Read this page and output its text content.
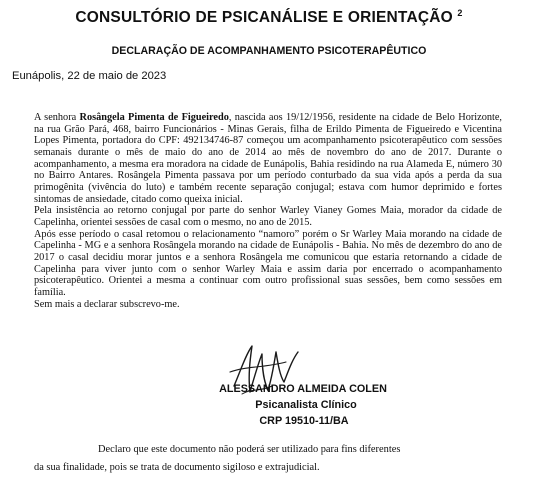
CONSULTÓRIO DE PSICANÁLISE E ORIENTAÇÃO $^2$
DECLARAÇÃO DE ACOMPANHAMENTO PSICOTERAPÊUTICO
Eunápolis, 22 de maio de 2023

A senhora Rosângela Pimenta de Figueiredo, nascida aos 19/12/1956, residente na cidade de Belo Horizonte, na rua Grão Pará, 468, bairro Funcionários - Minas Gerais, filha de Erildo Pimenta de Figueiredo e Vicentina Lopes Pimenta, portadora do CPF: 492134746-87 começou um acompanhamento psicoterapêutico com sessões semanais durante o mês de maio do ano de 2014 ao mês de novembro do ano de 2017. Durante o acompanhamento, a mesma era moradora na cidade de Eunápolis, Bahia residindo na rua Alameda E, número 30 no Bairro Antares. Rosângela Pimenta passava por um período conturbado da sua vida após a perda da sua primogênita (vivência do luto) e também recente separação conjugal; estava com humor deprimido e fortes sintomas de ansiedade, citado como queixa inicial.

Pela insistência ao retorno conjugal por parte do senhor Warley Vianey Gomes Maia, morador da cidade de Capelinha, orientei sessões de casal com o mesmo, no ano de 2015.

Após esse período o casal retomou o relacionamento “namoro” porém o Sr Warley Maia morando na cidade de Capelinha - MG e a senhora Rosângela morando na cidade de Eunápolis - Bahia. No mês de dezembro do ano de 2017 o casal decidiu morar juntos e a senhora Rosângela me comunicou que estaria retornando a cidade de Capelinha para viver junto com o senhor Warley Maia e assim daria por encerrado o acompanhamento psicoterapêutico. Orientei a mesma a continuar com outro profissional suas sessões, bem como sessões em família.

Sem mais a declarar subscrevo-me.

ALESSANDRO ALMEIDA COLEN
Psicanalista Clínico
CRP 19510-11/BA
Declaro que este documento não poderá ser utilizado para fins diferentes
da sua finalidade, pois se trata de documento sigiloso e extrajudicial.
